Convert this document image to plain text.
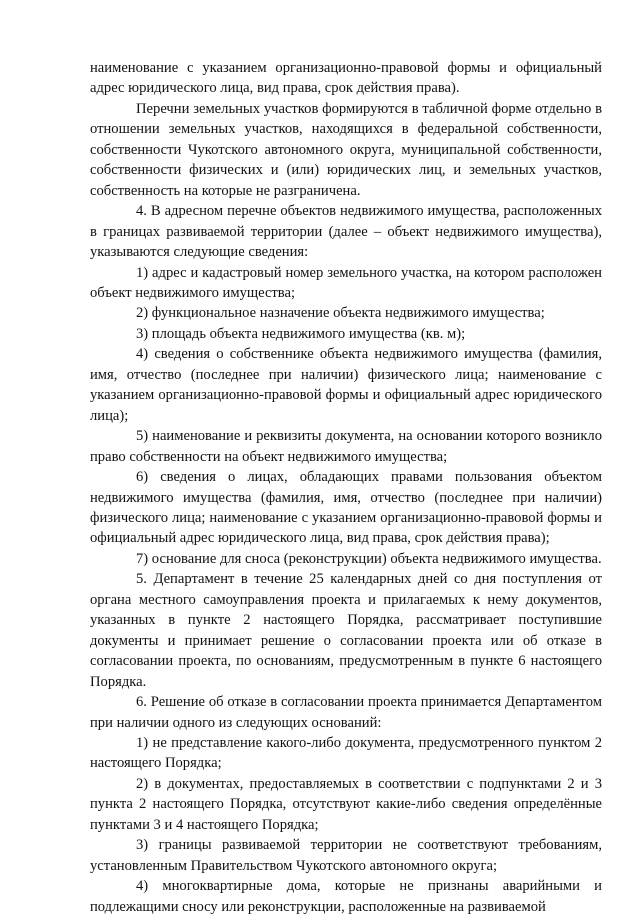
наименование с указанием организационно-правовой формы и официальный адрес юридического лица, вид права, срок действия права).

Перечни земельных участков формируются в табличной форме отдельно в отношении земельных участков, находящихся в федеральной собственности, собственности Чукотского автономного округа, муниципальной собственности, собственности физических и (или) юридических лиц, и земельных участков, собственность на которые не разграничена.

4. В адресном перечне объектов недвижимого имущества, расположенных в границах развиваемой территории (далее – объект недвижимого имущества), указываются следующие сведения:

1) адрес и кадастровый номер земельного участка, на котором расположен объект недвижимого имущества;

2) функциональное назначение объекта недвижимого имущества;

3) площадь объекта недвижимого имущества (кв. м);

4) сведения о собственнике объекта недвижимого имущества (фамилия, имя, отчество (последнее при наличии) физического лица; наименование с указанием организационно-правовой формы и официальный адрес юридического лица);

5) наименование и реквизиты документа, на основании которого возникло право собственности на объект недвижимого имущества;

6) сведения о лицах, обладающих правами пользования объектом недвижимого имущества (фамилия, имя, отчество (последнее при наличии) физического лица; наименование с указанием организационно-правовой формы и официальный адрес юридического лица, вид права, срок действия права);

7) основание для сноса (реконструкции) объекта недвижимого имущества.

5. Департамент в течение 25 календарных дней со дня поступления от органа местного самоуправления проекта и прилагаемых к нему документов, указанных в пункте 2 настоящего Порядка, рассматривает поступившие документы и принимает решение о согласовании проекта или об отказе в согласовании проекта, по основаниям, предусмотренным в пункте 6 настоящего Порядка.

6. Решение об отказе в согласовании проекта принимается Департаментом при наличии одного из следующих оснований:

1) не представление какого-либо документа, предусмотренного пунктом 2 настоящего Порядка;

2) в документах, предоставляемых в соответствии с подпунктами 2 и 3 пункта 2 настоящего Порядка, отсутствуют какие-либо сведения определённые пунктами 3 и 4 настоящего Порядка;

3) границы развиваемой территории не соответствуют требованиям, установленным Правительством Чукотского автономного округа;

4) многоквартирные дома, которые не признаны аварийными и подлежащими сносу или реконструкции, расположенные на развиваемой
